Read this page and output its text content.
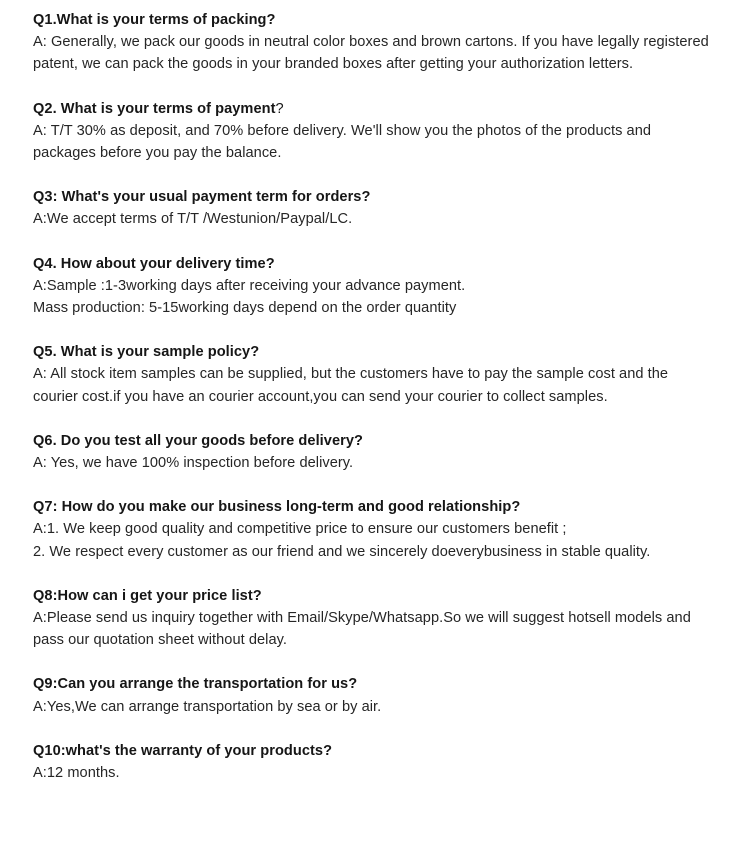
Q1.What is your terms of packing?
A: Generally, we pack our goods in neutral color boxes and brown cartons. If you have legally registered
patent, we can pack the goods in your branded boxes after getting your authorization letters.
Q2. What is your terms of payment?
A: T/T 30% as deposit, and 70% before delivery. We'll show you the photos of the products and
packages before you pay the balance.
Q3: What's your usual payment term for orders?
A:We accept terms of T/T /Westunion/Paypal/LC.
Q4. How about your delivery time?
A:Sample :1-3working days after receiving your advance payment.
Mass production: 5-15working days depend on the order quantity
Q5. What is your sample policy?
A: All stock item samples can be supplied, but the customers have to pay the sample cost and the
courier cost.if you have an courier account,you can send your courier to collect samples.
Q6. Do you test all your goods before delivery?
A: Yes, we have 100% inspection before delivery.
Q7: How do you make our business long-term and good relationship?
A:1. We keep good quality and competitive price to ensure our customers benefit ;
2. We respect every customer as our friend and we sincerely doeverybusiness in stable quality.
Q8:How can i get your price list?
A:Please send us inquiry together with Email/Skype/Whatsapp.So we will suggest hotsell models and
pass our quotation sheet without delay.
Q9:Can you arrange the transportation for us?
A:Yes,We can arrange transportation by sea or by air.
Q10:what's the warranty of your products?
A:12 months.
